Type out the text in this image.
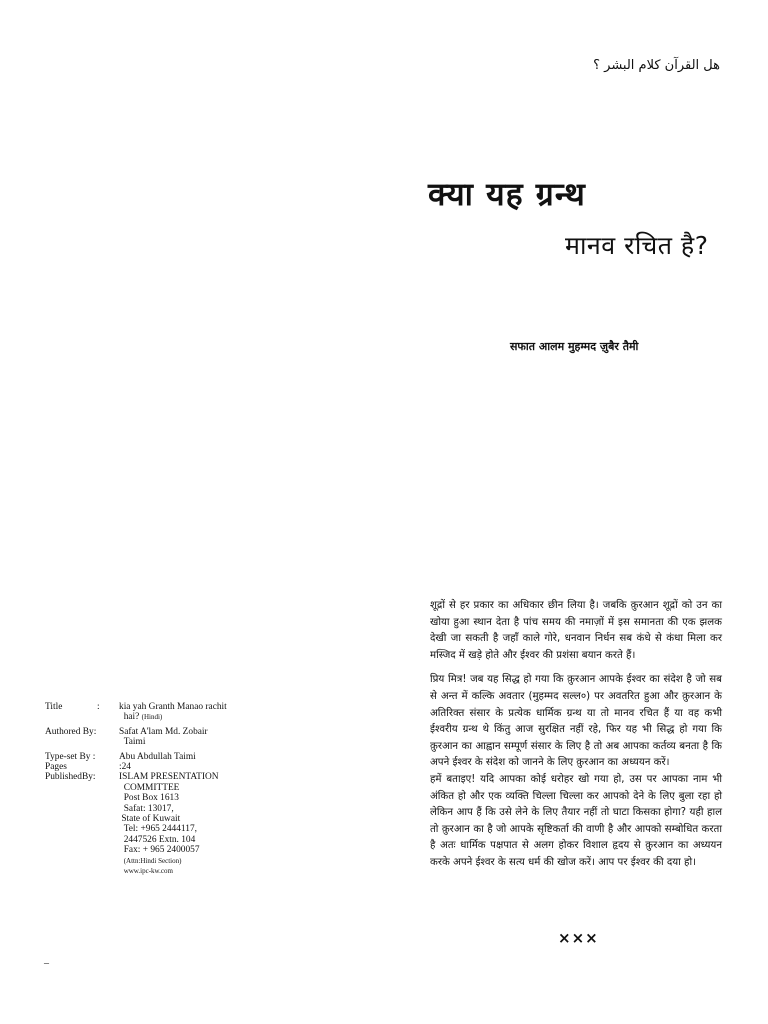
هل القرآن كلام البشر ؟
क्या यह ग्रन्थ
मानव रचित है?
सफात आलम मुहम्मद ज़ुबैर तैमी

शूद्रों से हर प्रकार का अधिकार छीन लिया है। जबकि क़ुरआन शूद्रों को उन का खोया हुआ स्थान देता है पांच समय की नमाज़ों में इस समानता की एक झलक देखी जा सकती है जहाँ काले गोरे, धनवान निर्धन सब कंधे से कंधा मिला कर मस्जिद में खड़े होते और ईश्वर की प्रशंसा बयान करते हैं।

प्रिय मित्र! जब यह सिद्ध हो गया कि क़ुरआन आपके ईश्वर का संदेश है जो सब से अन्त में कल्कि अवतार (मुहम्मद सल्ल०) पर अवतरित हुआ और क़ुरआन के अतिरिक्त संसार के प्रत्येक धार्मिक ग्रन्थ या तो मानव रचित हैं या वह कभी ईश्वरीय ग्रन्थ थे किंतु आज सुरक्षित नहीं रहे, फिर यह भी सिद्ध हो गया कि क़ुरआन का आह्वान सम्पूर्ण संसार के लिए है तो अब आपका कर्तव्य बनता है कि अपने ईश्वर के संदेश को जानने के लिए क़ुरआन का अध्ययन करें।

हमें बताइए! यदि आपका कोई धरोहर खो गया हो, उस पर आपका नाम भी अंकित हो और एक व्यक्ति चिल्ला चिल्ला कर आपको देने के लिए बुला रहा हो लेकिन आप हैं कि उसे लेने के लिए तैयार नहीं तो घाटा किसका होगा? यही हाल तो क़ुरआन का है जो आपके सृष्टिकर्ता की वाणी है और आपको सम्बोधित करता है अतः धार्मिक पक्षपात से अलग होकर विशाल हृदय से क़ुरआन का अध्ययन करके अपने ईश्वर के सत्य धर्म की खोज करें। आप पर ईश्वर की दया हो।

×××
Title	:	kia yah Granth Manao rachit
hai? (Hindi)
Authored By:	Safat A'lam Md. Zobair
Taimi
Type-set By :	Abu Abdullah Taimi
Pages	:24
PublishedBy:	ISLAM PRESENTATION
COMMITTEE
Post Box 1613
Safat: 13017,
State of Kuwait
Tel: +965 2444117,
2447526 Extn. 104
Fax: + 965 2400057
(Attn:Hindi Section)
www.ipc-kw.com
–
